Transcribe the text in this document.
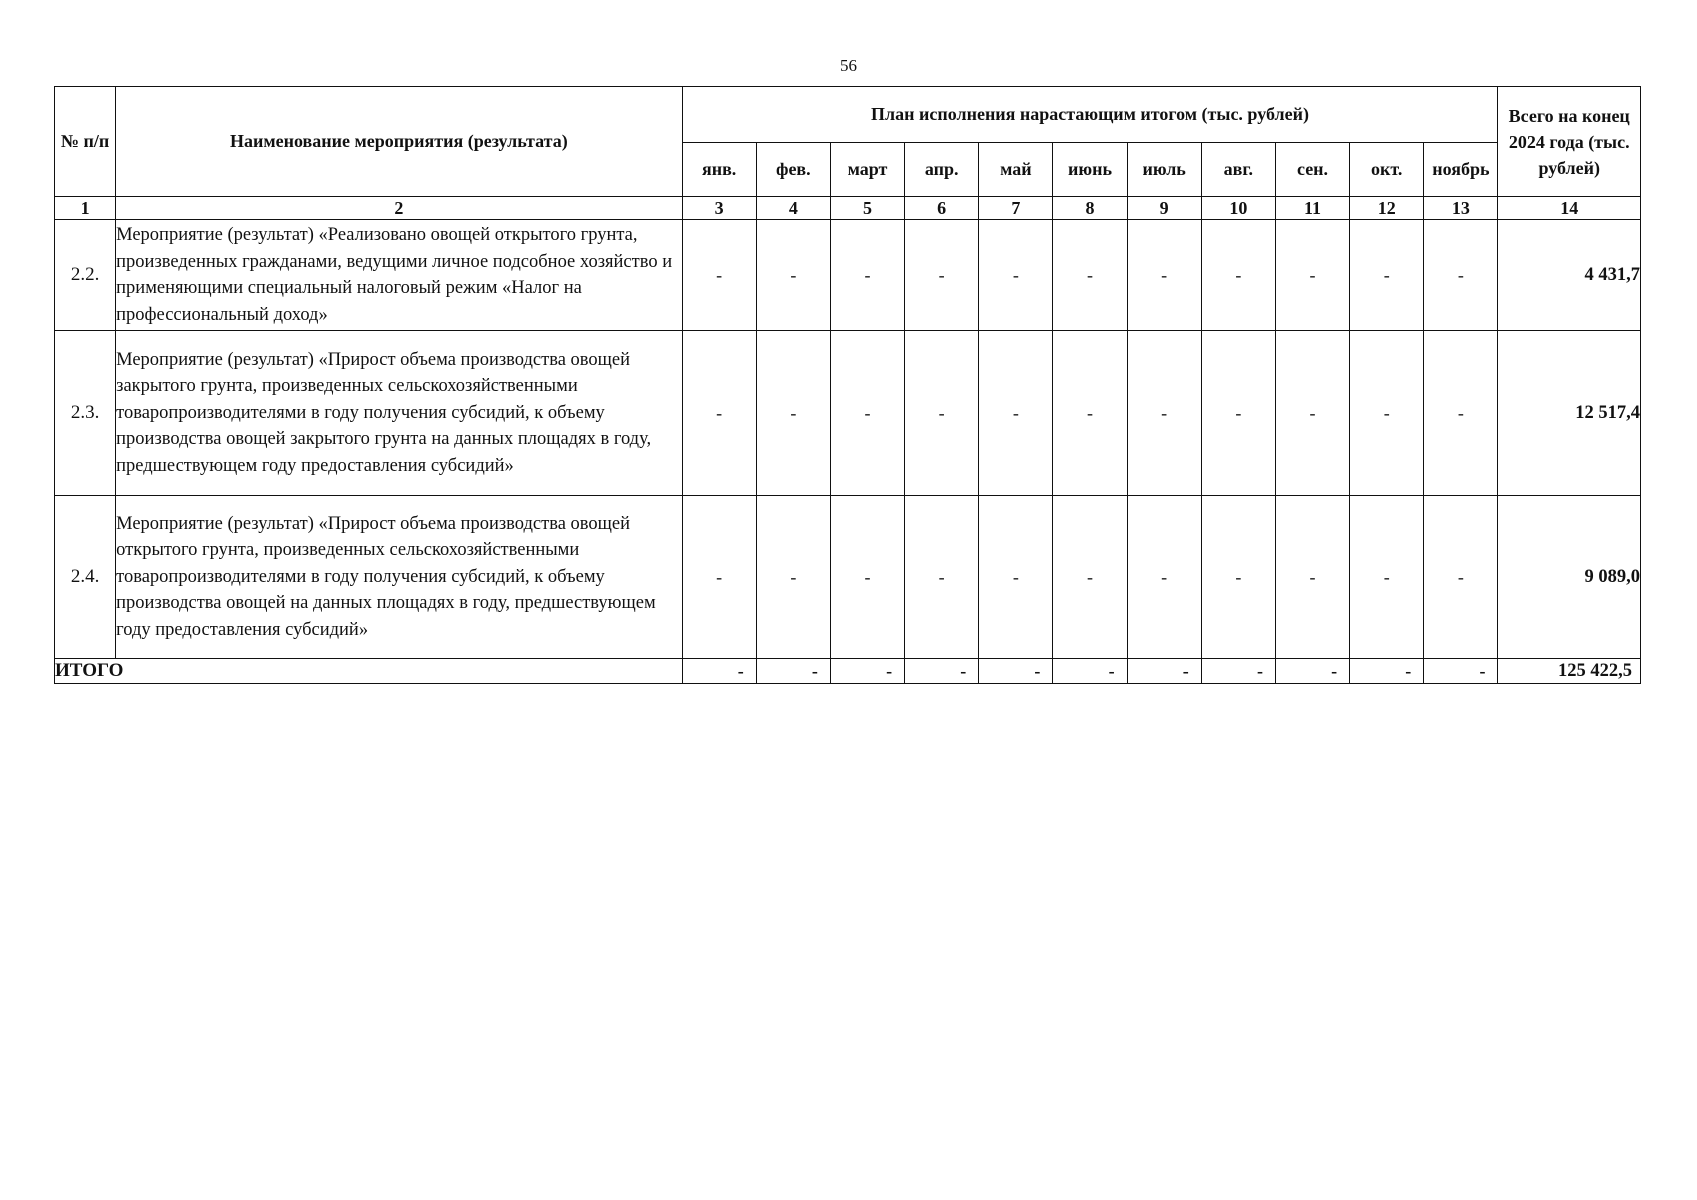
56
№ п/п	Наименование мероприятия (результата)	План исполнения нарастающим итогом (тыс. рублей)											Всего на конец 2024 года (тыс. рублей)
		янв.	фев.	март	апр.	май	июнь	июль	авг.	сен.	окт.	ноябрь	
1	2	3	4	5	6	7	8	9	10	11	12	13	14
2.2.	Мероприятие (результат) «Реализовано овощей открытого грунта, произведенных гражданами, ведущими личное подсобное хозяйство и применяющими специальный налоговый режим «Налог на профессиональный доход»	-	-	-	-	-	-	-	-	-	-	-	4 431,7
2.3.	Мероприятие (результат) «Прирост объема производства овощей закрытого грунта, произведенных сельскохозяйственными товаропроизводителями в году получения субсидий, к объему производства овощей закрытого грунта на данных площадях в году, предшествующем году предоставления субсидий»	-	-	-	-	-	-	-	-	-	-	-	12 517,4
2.4.	Мероприятие (результат) «Прирост объема производства овощей открытого грунта, произведенных сельскохозяйственными товаропроизводителями в году получения субсидий, к объему производства овощей на данных площадях в году, предшествующем году предоставления субсидий»	-	-	-	-	-	-	-	-	-	-	-	9 089,0
ИТОГО		-	-	-	-	-	-	-	-	-	-	-	125 422,5
